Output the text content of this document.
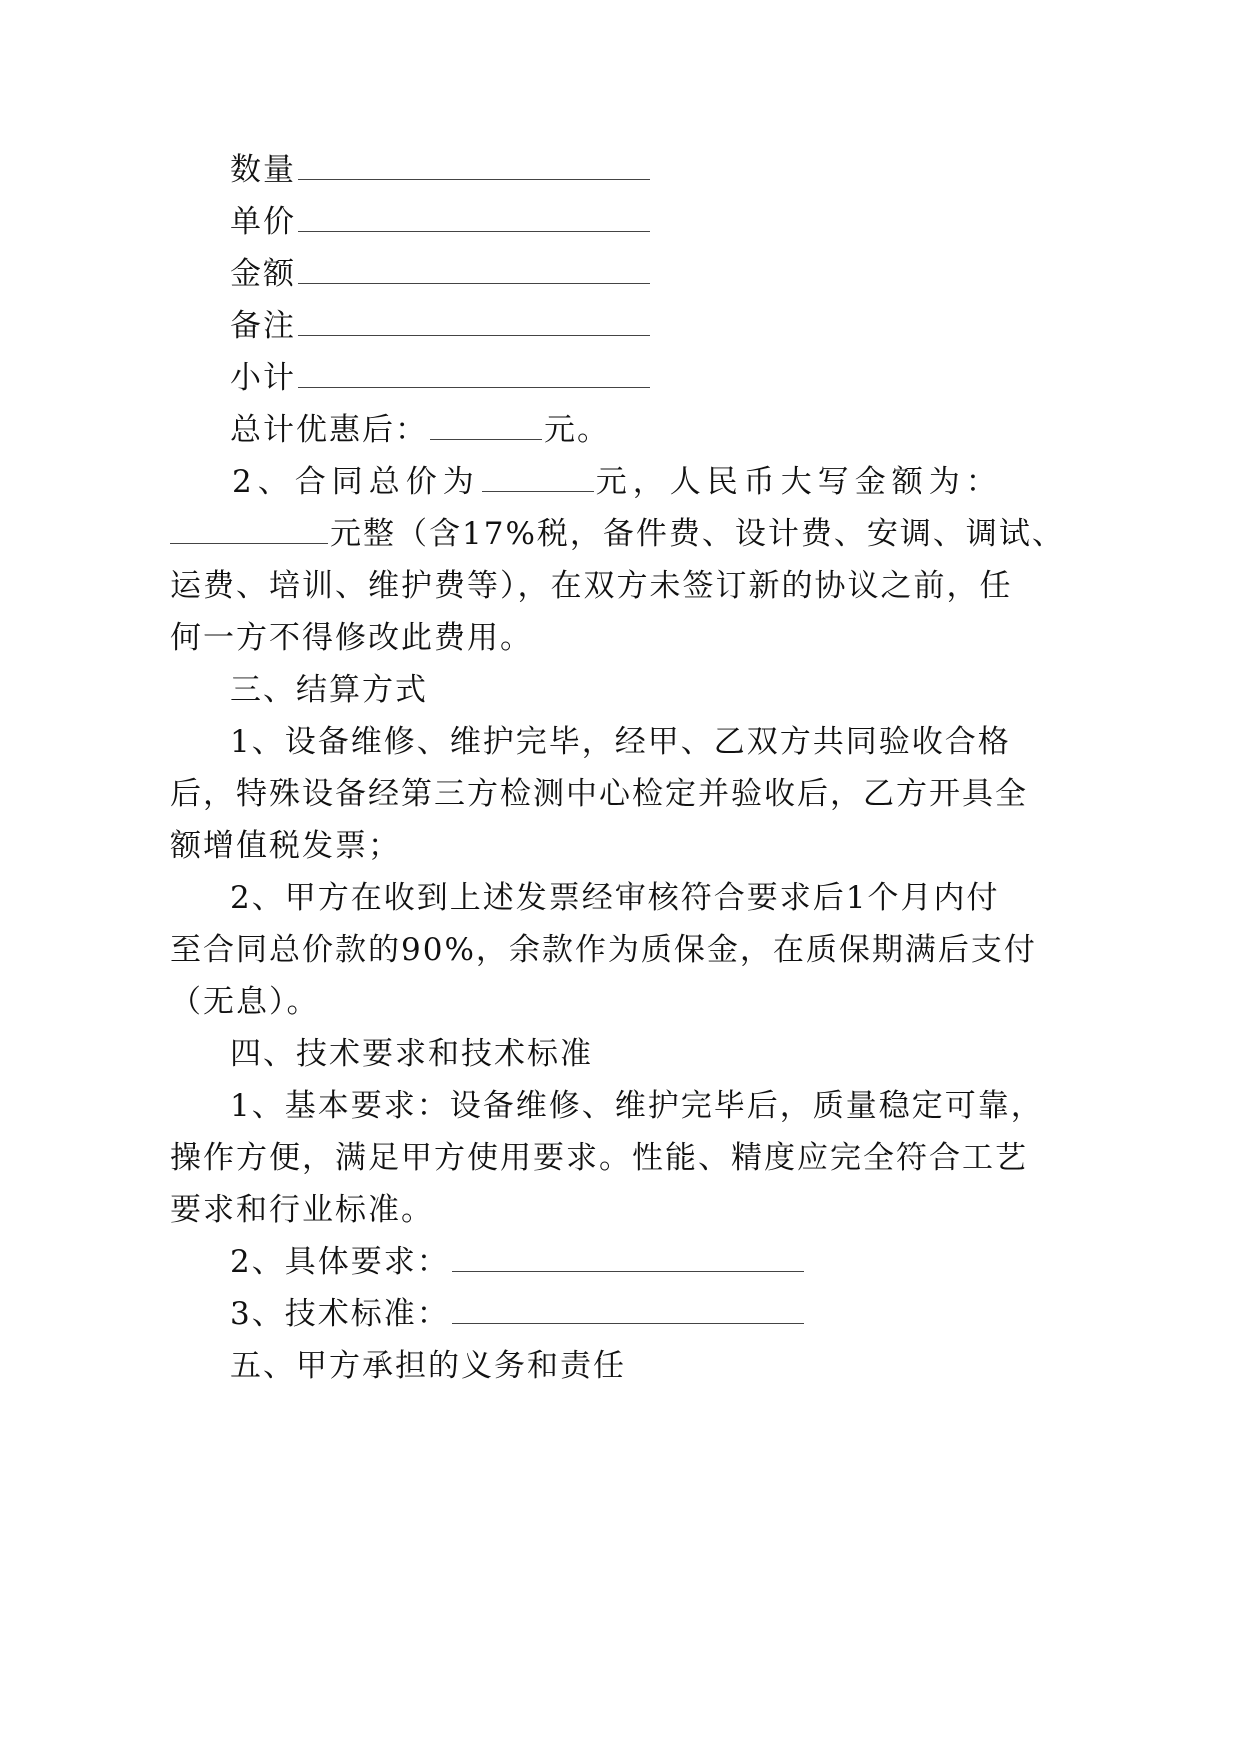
数量
单价
金额
备注
小计
总计优惠后：	元。
2、合同总价为	元，人民币大写金额为：
元整（含17%税，备件费、设计费、安调、调试、
运费、培训、维护费等），在双方未签订新的协议之前，任
何一方不得修改此费用。
三、结算方式
1、设备维修、维护完毕，经甲、乙双方共同验收合格
后，特殊设备经第三方检测中心检定并验收后，乙方开具全
额增值税发票；
2、甲方在收到上述发票经审核符合要求后1个月内付
至合同总价款的90%，余款作为质保金，在质保期满后支付
（无息）。
四、技术要求和技术标准
1、基本要求：设备维修、维护完毕后，质量稳定可靠，
操作方便，满足甲方使用要求。性能、精度应完全符合工艺
要求和行业标准。
2、具体要求：
3、技术标准：
五、甲方承担的义务和责任
